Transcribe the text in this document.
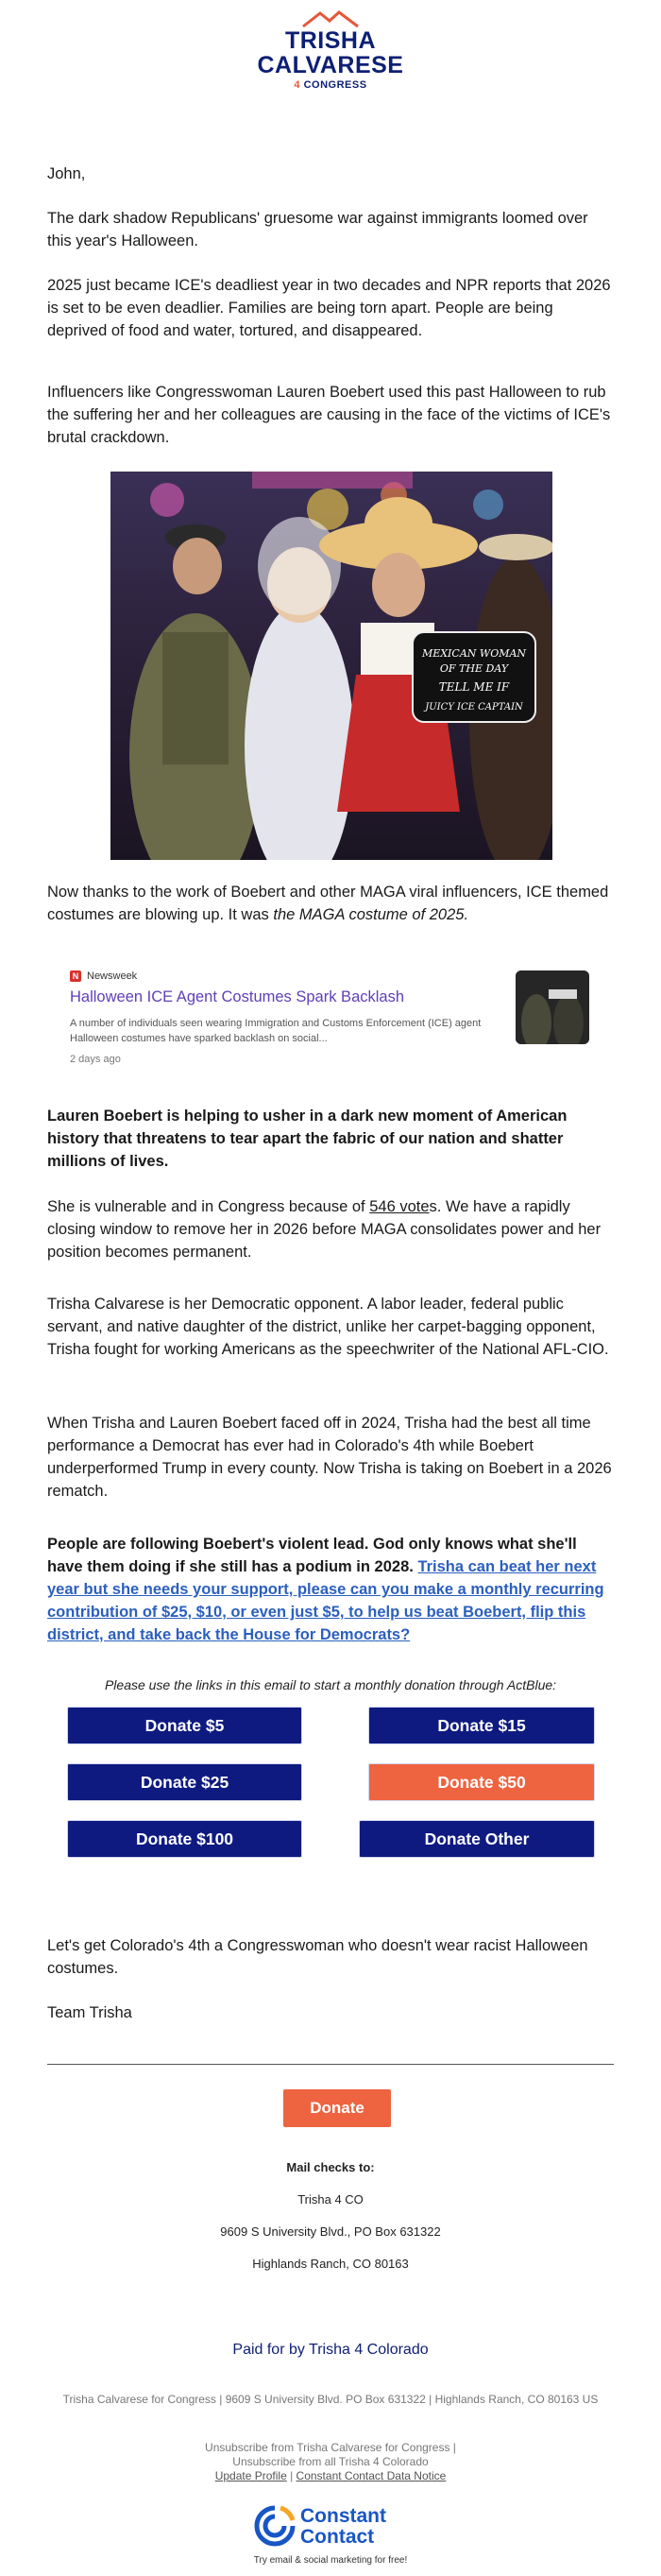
TRISHA
CALVARESE
4 CONGRESS
John,
The dark shadow Republicans' gruesome war against immigrants loomed over this year's Halloween.
2025 just became ICE's deadliest year in two decades and NPR reports that 2026 is set to be even deadlier. Families are being torn apart. People are being deprived of food and water, tortured, and disappeared.
Influencers like Congresswoman Lauren Boebert used this past Halloween to rub the suffering her and her colleagues are causing in the face of the victims of ICE's brutal crackdown.
MEXICAN WOMAN
OF THE DAY
TELL ME IF
JUICY ICE CAPTAIN
Now thanks to the work of Boebert and other MAGA viral influencers, ICE themed costumes are blowing up. It was the MAGA costume of 2025.
N Newsweek
Halloween ICE Agent Costumes Spark Backlash
A number of individuals seen wearing Immigration and Customs Enforcement (ICE) agent Halloween costumes have sparked backlash on social...
2 days ago
Lauren Boebert is helping to usher in a dark new moment of American history that threatens to tear apart the fabric of our nation and shatter millions of lives.
She is vulnerable and in Congress because of 546 votes. We have a rapidly closing window to remove her in 2026 before MAGA consolidates power and her position becomes permanent.
Trisha Calvarese is her Democratic opponent. A labor leader, federal public servant, and native daughter of the district, unlike her carpet-bagging opponent, Trisha fought for working Americans as the speechwriter of the National AFL-CIO.
When Trisha and Lauren Boebert faced off in 2024, Trisha had the best all time performance a Democrat has ever had in Colorado's 4th while Boebert underperformed Trump in every county. Now Trisha is taking on Boebert in a 2026 rematch.
People are following Boebert's violent lead. God only knows what she'll have them doing if she still has a podium in 2028. Trisha can beat her next year but she needs your support, please can you make a monthly recurring contribution of $25, $10, or even just $5, to help us beat Boebert, flip this district, and take back the House for Democrats?
Please use the links in this email to start a monthly donation through ActBlue:
Donate $5	Donate $15
Donate $25	Donate $50
Donate $100	Donate Other
Let's get Colorado's 4th a Congresswoman who doesn't wear racist Halloween costumes.
Team Trisha
Donate
Mail checks to:
Trisha 4 CO
9609 S University Blvd., PO Box 631322
Highlands Ranch, CO 80163
Paid for by Trisha 4 Colorado
Trisha Calvarese for Congress | 9609 S University Blvd. PO Box 631322 | Highlands Ranch, CO 80163 US
Unsubscribe from Trisha Calvarese for Congress |
Unsubscribe from all Trisha 4 Colorado
Update Profile | Constant Contact Data Notice
Constant
Contact
Try email & social marketing for free!
